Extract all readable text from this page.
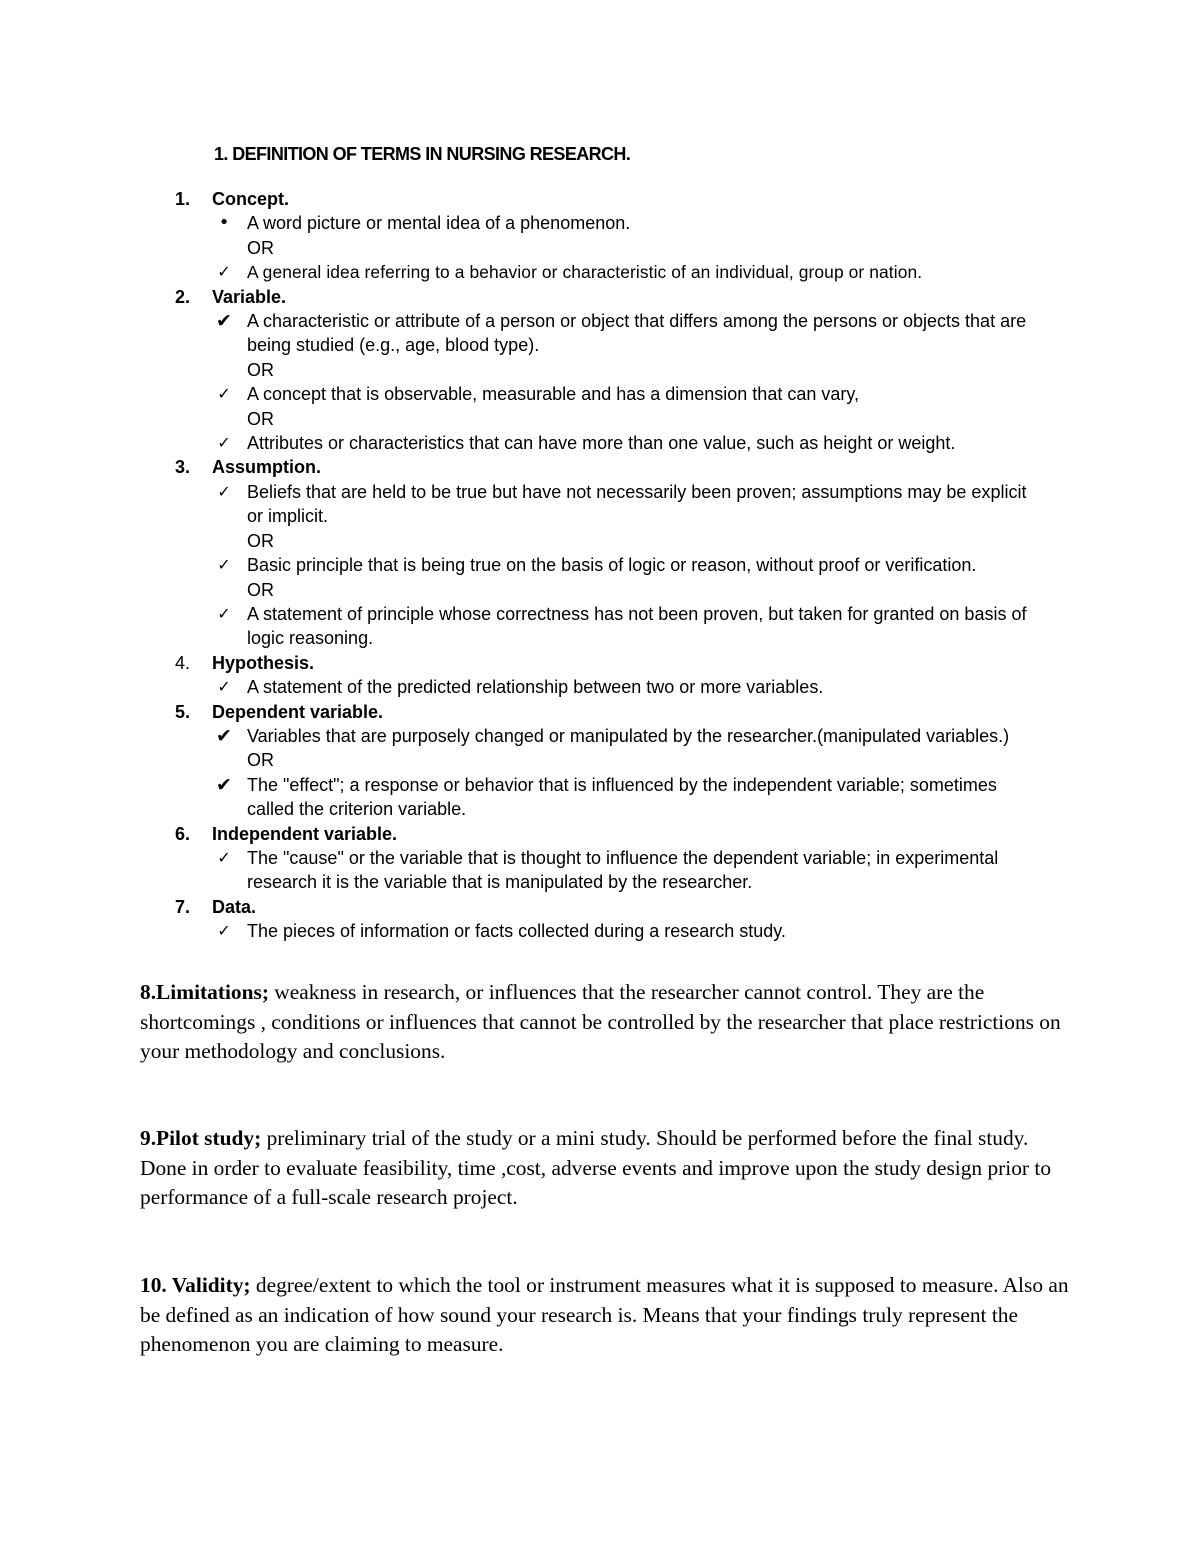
1. DEFINITION OF TERMS IN NURSING RESEARCH.
1.	Concept.
• A word picture or mental idea of a phenomenon.
OR
✓ A general idea referring to a behavior or characteristic of an individual, group or nation.
2.	Variable.
✔ A characteristic or attribute of a person or object that differs among the persons or objects that are being studied (e.g., age, blood type).
OR
✓ A concept that is observable, measurable and has a dimension that can vary,
OR
✓ Attributes or characteristics that can have more than one value, such as height or weight.
3.	Assumption.
✓ Beliefs that are held to be true but have not necessarily been proven; assumptions may be explicit or implicit.
OR
✓ Basic principle that is being true on the basis of logic or reason, without proof or verification.
OR
✓ A statement of principle whose correctness has not been proven, but taken for granted on basis of logic reasoning.
4.	Hypothesis.
✓ A statement of the predicted relationship between two or more variables.
5.	Dependent variable.
✔ Variables that are purposely changed or manipulated by the researcher.(manipulated variables.)
OR
✔ The "effect"; a response or behavior that is influenced by the independent variable; sometimes called the criterion variable.
6.	Independent variable.
✓ The "cause" or the variable that is thought to influence the dependent variable; in experimental research it is the variable that is manipulated by the researcher.
7.	Data.
✓ The pieces of information or facts collected during a research study.

8.Limitations; weakness in research, or influences that the researcher cannot control. They are the shortcomings , conditions or influences that cannot be controlled by the researcher that place restrictions on your methodology and conclusions.

9.Pilot study; preliminary trial of the study or a mini study. Should be performed before the final study. Done in order to evaluate feasibility, time ,cost, adverse events and improve upon the study design prior to performance of a full-scale research project.

10. Validity; degree/extent to which the tool or instrument measures what it is supposed to measure. Also an be defined as an indication of how sound your research is. Means that your findings truly represent the phenomenon you are claiming to measure.
